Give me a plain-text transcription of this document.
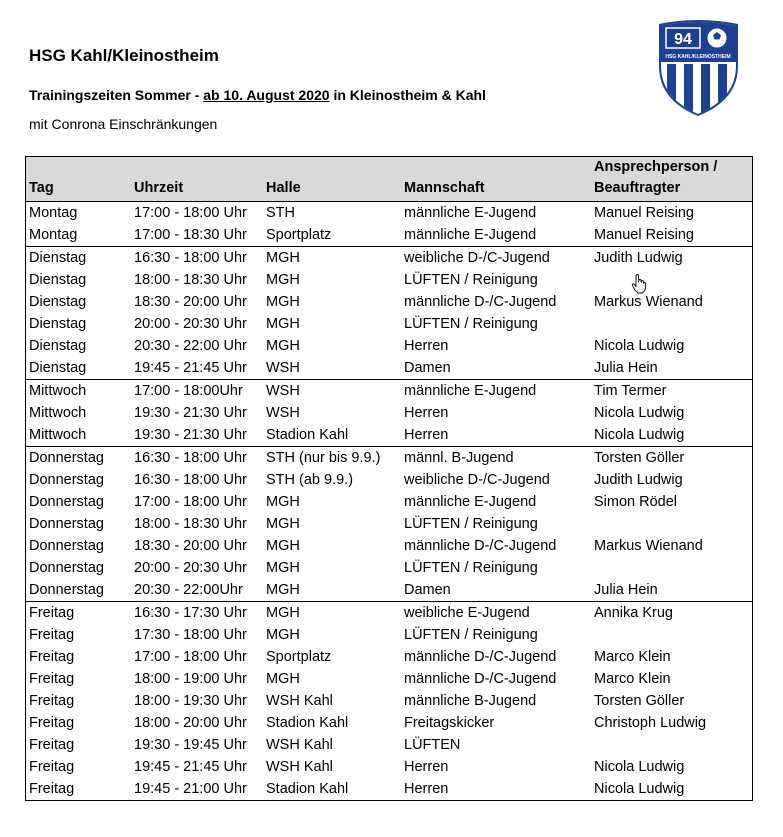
HSG Kahl/Kleinostheim
Trainingszeiten Sommer - ab 10. August 2020 in Kleinostheim & Kahl
mit Conrona Einschränkungen
94
HSG KAHL/KLEINOSTHEIM
Tag	Uhrzeit	Halle	Mannschaft	Ansprechperson /
Beauftragter
Montag	17:00 - 18:00 Uhr	STH	männliche E-Jugend	Manuel Reising
Montag	17:00 - 18:30 Uhr	Sportplatz	männliche E-Jugend	Manuel Reising
Dienstag	16:30 - 18:00 Uhr	MGH	weibliche D-/C-Jugend	Judith Ludwig
Dienstag	18:00 - 18:30 Uhr	MGH	LÜFTEN / Reinigung	
Dienstag	18:30 - 20:00 Uhr	MGH	männliche D-/C-Jugend	Markus Wienand
Dienstag	20:00 - 20:30 Uhr	MGH	LÜFTEN / Reinigung	
Dienstag	20:30 - 22:00 Uhr	MGH	Herren	Nicola Ludwig
Dienstag	19:45 - 21:45 Uhr	WSH	Damen	Julia Hein
Mittwoch	17:00 - 18:00Uhr	WSH	männliche E-Jugend	Tim Termer
Mittwoch	19:30 - 21:30 Uhr	WSH	Herren	Nicola Ludwig
Mittwoch	19:30 - 21:30 Uhr	Stadion Kahl	Herren	Nicola Ludwig
Donnerstag	16:30 - 18:00 Uhr	STH (nur bis 9.9.)	männl. B-Jugend	Torsten Göller
Donnerstag	16:30 - 18:00 Uhr	STH (ab 9.9.)	weibliche D-/C-Jugend	Judith Ludwig
Donnerstag	17:00 - 18:00 Uhr	MGH	männliche E-Jugend	Simon Rödel
Donnerstag	18:00 - 18:30 Uhr	MGH	LÜFTEN / Reinigung	
Donnerstag	18:30 - 20:00 Uhr	MGH	männliche D-/C-Jugend	Markus Wienand
Donnerstag	20:00 - 20:30 Uhr	MGH	LÜFTEN / Reinigung	
Donnerstag	20:30 - 22:00Uhr	MGH	Damen	Julia Hein
Freitag	16:30 - 17:30 Uhr	MGH	weibliche E-Jugend	Annika Krug
Freitag	17:30 - 18:00 Uhr	MGH	LÜFTEN / Reinigung	
Freitag	17:00 - 18:00 Uhr	Sportplatz	männliche D-/C-Jugend	Marco Klein
Freitag	18:00 - 19:00 Uhr	MGH	männliche D-/C-Jugend	Marco Klein
Freitag	18:00 - 19:30 Uhr	WSH Kahl	männliche B-Jugend	Torsten Göller
Freitag	18:00 - 20:00 Uhr	Stadion Kahl	Freitagskicker	Christoph Ludwig
Freitag	19:30 - 19:45 Uhr	WSH Kahl	LÜFTEN	
Freitag	19:45 - 21:45 Uhr	WSH Kahl	Herren	Nicola Ludwig
Freitag	19:45 - 21:00 Uhr	Stadion Kahl	Herren	Nicola Ludwig
